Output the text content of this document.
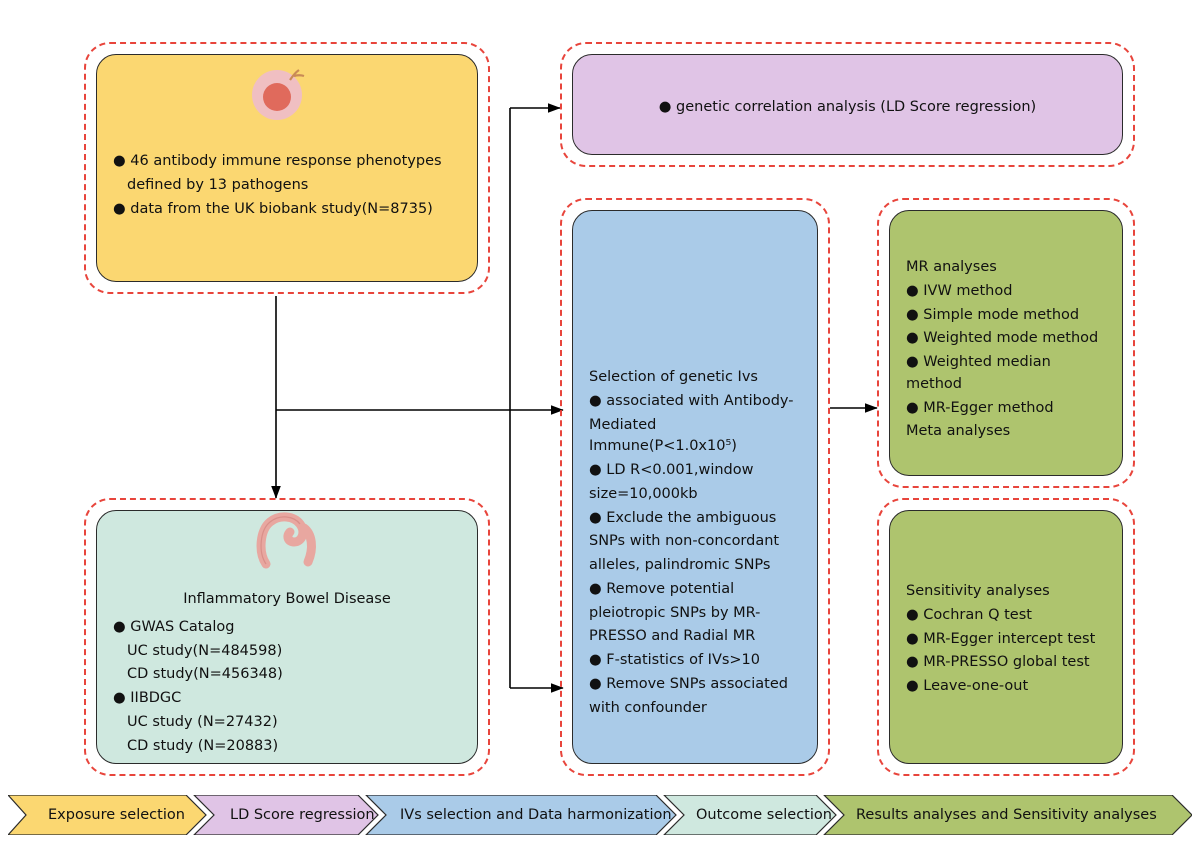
● 46 antibody immune response phenotypes

defined by 13 pathogens

● data from the UK biobank study(N=8735)

● genetic correlation analysis (LD Score regression)
Inflammatory Bowel Disease

● GWAS Catalog

UC study(N=484598)

CD study(N=456348)

● IIBDGC

UC study (N=27432)

CD study (N=20883)

Selection of genetic Ivs

● associated with Antibody-

Mediated Immune(P<1.0x10⁵)

● LD R<0.001,window

size=10,000kb

● Exclude the ambiguous

SNPs with non-concordant

alleles, palindromic SNPs

● Remove potential

pleiotropic SNPs by MR-

PRESSO and Radial MR

● F-statistics of IVs>10

● Remove SNPs associated

with confounder

MR analyses

● IVW method

● Simple mode method

● Weighted mode method

● Weighted median method

● MR-Egger method

Meta analyses

Sensitivity analyses

● Cochran Q test

● MR-Egger intercept test

● MR-PRESSO global test

● Leave-one-out

Exposure selection	LD Score regression IVs selection and Data harmonization Outcome selection Results analyses and Sensitivity analyses
